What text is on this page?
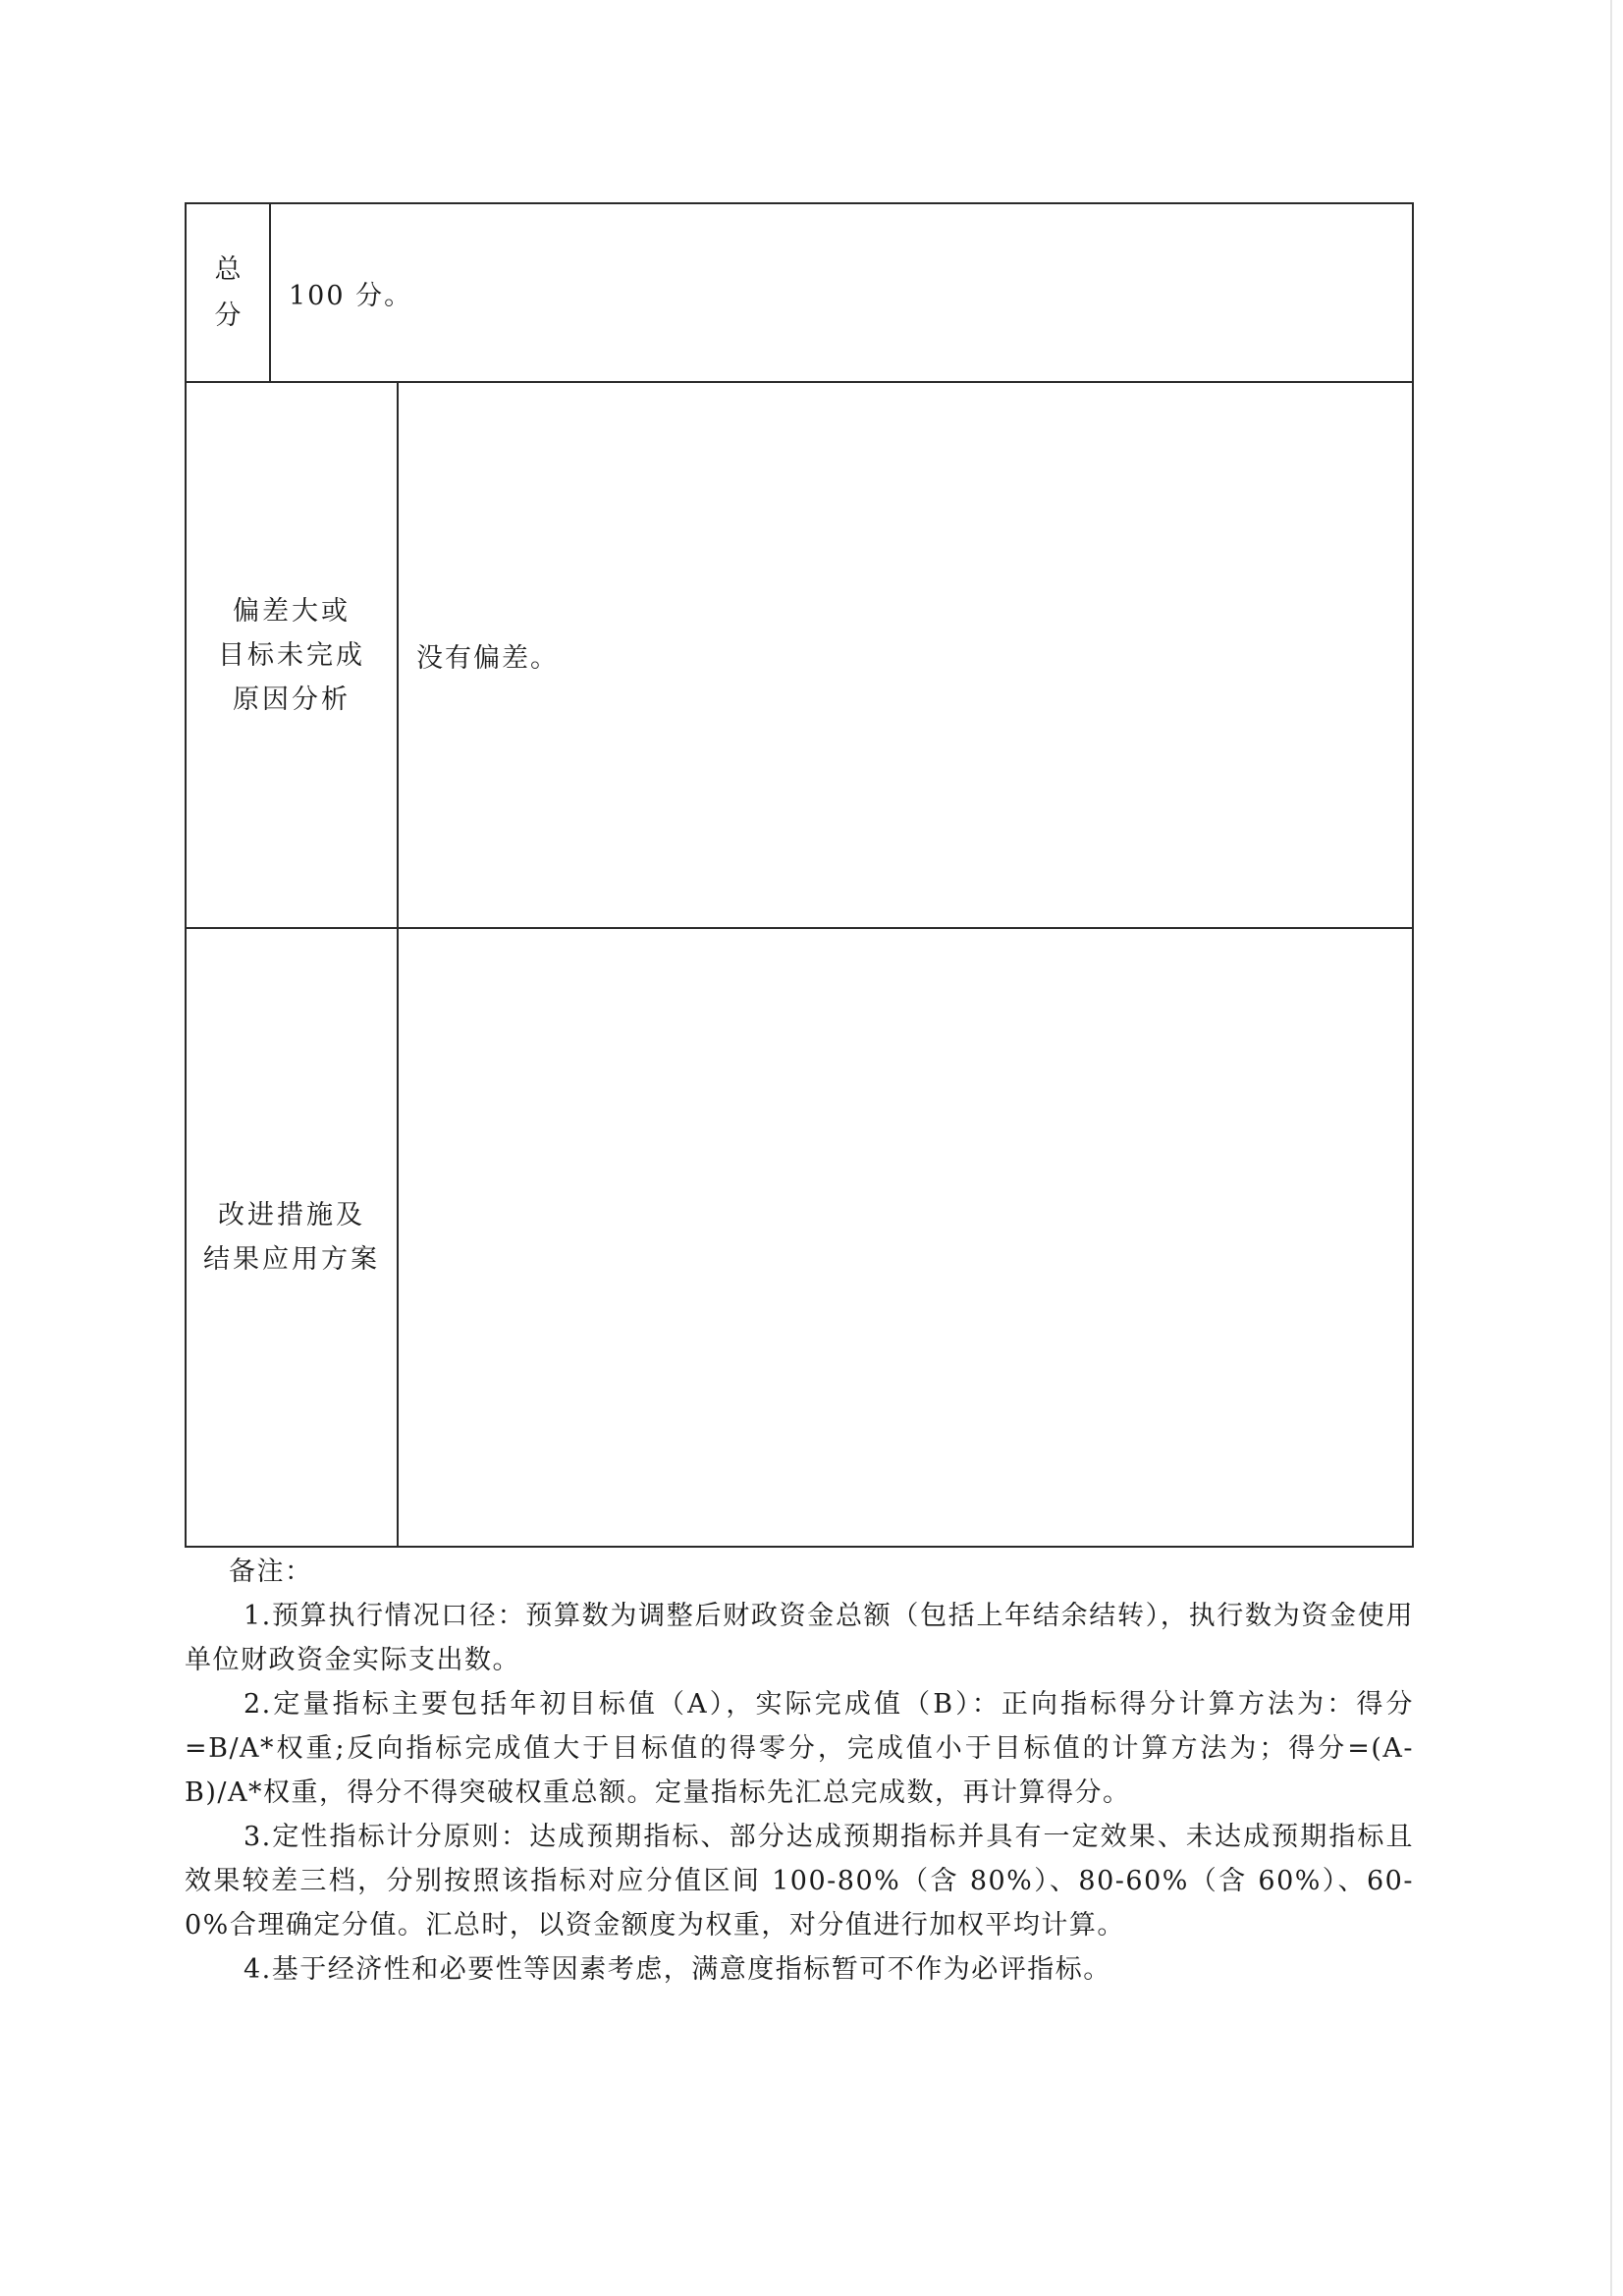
总
分
100 分。
偏差大或
目标未完成
原因分析
没有偏差。
改进措施及
结果应用方案
备注：
1.预算执行情况口径：预算数为调整后财政资金总额（包括上年结余结转），执行数为资金使用单位财政资金实际支出数。
2.定量指标主要包括年初目标值（A），实际完成值（B）：正向指标得分计算方法为：得分=B/A*权重;反向指标完成值大于目标值的得零分，完成值小于目标值的计算方法为；得分=(A-B)/A*权重，得分不得突破权重总额。定量指标先汇总完成数，再计算得分。
3.定性指标计分原则：达成预期指标、部分达成预期指标并具有一定效果、未达成预期指标且效果较差三档，分别按照该指标对应分值区间 100-80%（含 80%）、80-60%（含 60%）、60-0%合理确定分值。汇总时，以资金额度为权重，对分值进行加权平均计算。
4.基于经济性和必要性等因素考虑，满意度指标暂可不作为必评指标。
